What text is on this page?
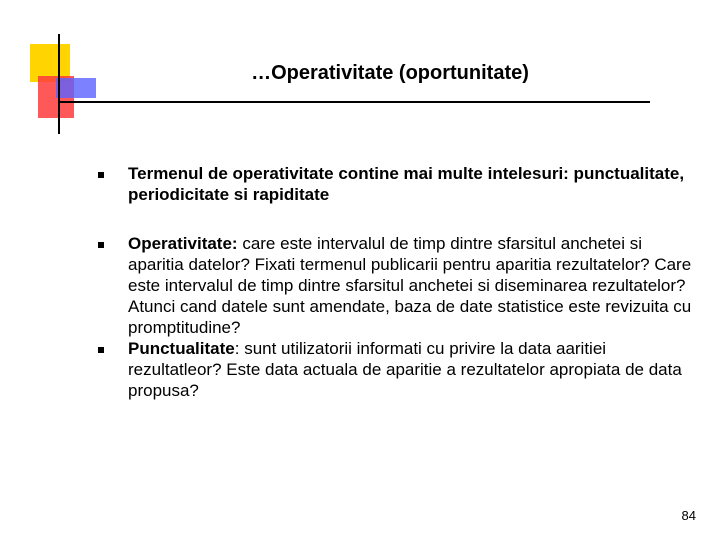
…Operativitate (oportunitate)
Termenul de operativitate contine mai multe intelesuri: punctualitate, periodicitate si rapiditate
Operativitate: care este intervalul de timp dintre sfarsitul anchetei si aparitia datelor? Fixati termenul publicarii pentru aparitia rezultatelor? Care este intervalul de timp dintre sfarsitul anchetei si diseminarea rezultatelor? Atunci cand datele sunt amendate, baza de date statistice este revizuita cu promptitudine?
Punctualitate: sunt utilizatorii informati cu privire la data aaritiei rezultatleor? Este data actuala de aparitie a rezultatelor apropiata de data propusa?
84
